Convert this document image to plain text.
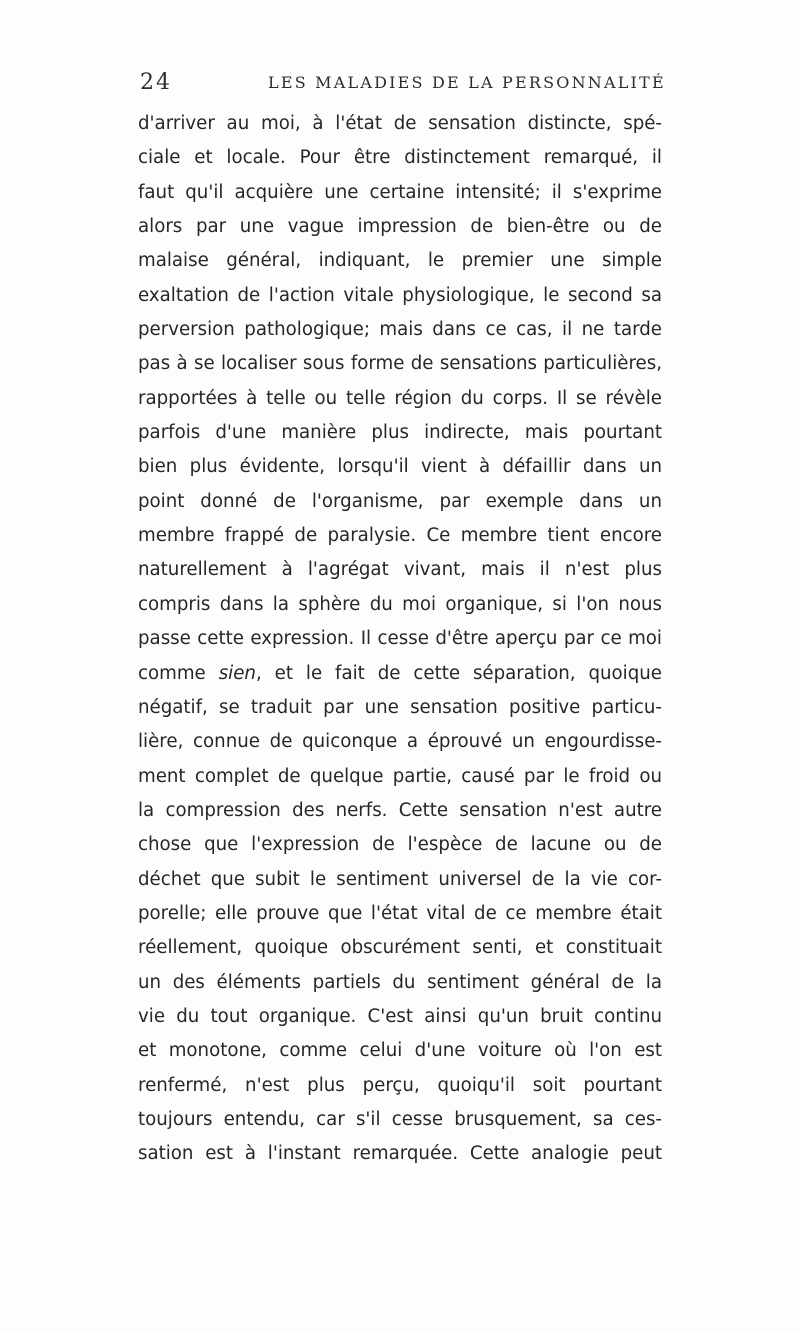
24	LES MALADIES DE LA PERSONNALITÉ
d'arriver au moi, à l'état de sensation distincte, spé-
ciale et locale. Pour être distinctement remarqué, il
faut qu'il acquière une certaine intensité; il s'exprime
alors par une vague impression de bien-être ou de
malaise général, indiquant, le premier une simple
exaltation de l'action vitale physiologique, le second sa
perversion pathologique; mais dans ce cas, il ne tarde
pas à se localiser sous forme de sensations particulières,
rapportées à telle ou telle région du corps. Il se révèle
parfois d'une manière plus indirecte, mais pourtant
bien plus évidente, lorsqu'il vient à défaillir dans un
point donné de l'organisme, par exemple dans un
membre frappé de paralysie. Ce membre tient encore
naturellement à l'agrégat vivant, mais il n'est plus
compris dans la sphère du moi organique, si l'on nous
passe cette expression. Il cesse d'être aperçu par ce moi
comme sien, et le fait de cette séparation, quoique
négatif, se traduit par une sensation positive particu-
lière, connue de quiconque a éprouvé un engourdisse-
ment complet de quelque partie, causé par le froid ou
la compression des nerfs. Cette sensation n'est autre
chose que l'expression de l'espèce de lacune ou de
déchet que subit le sentiment universel de la vie cor-
porelle; elle prouve que l'état vital de ce membre était
réellement, quoique obscurément senti, et constituait
un des éléments partiels du sentiment général de la
vie du tout organique. C'est ainsi qu'un bruit continu
et monotone, comme celui d'une voiture où l'on est
renfermé, n'est plus perçu, quoiqu'il soit pourtant
toujours entendu, car s'il cesse brusquement, sa ces-
sation est à l'instant remarquée. Cette analogie peut
